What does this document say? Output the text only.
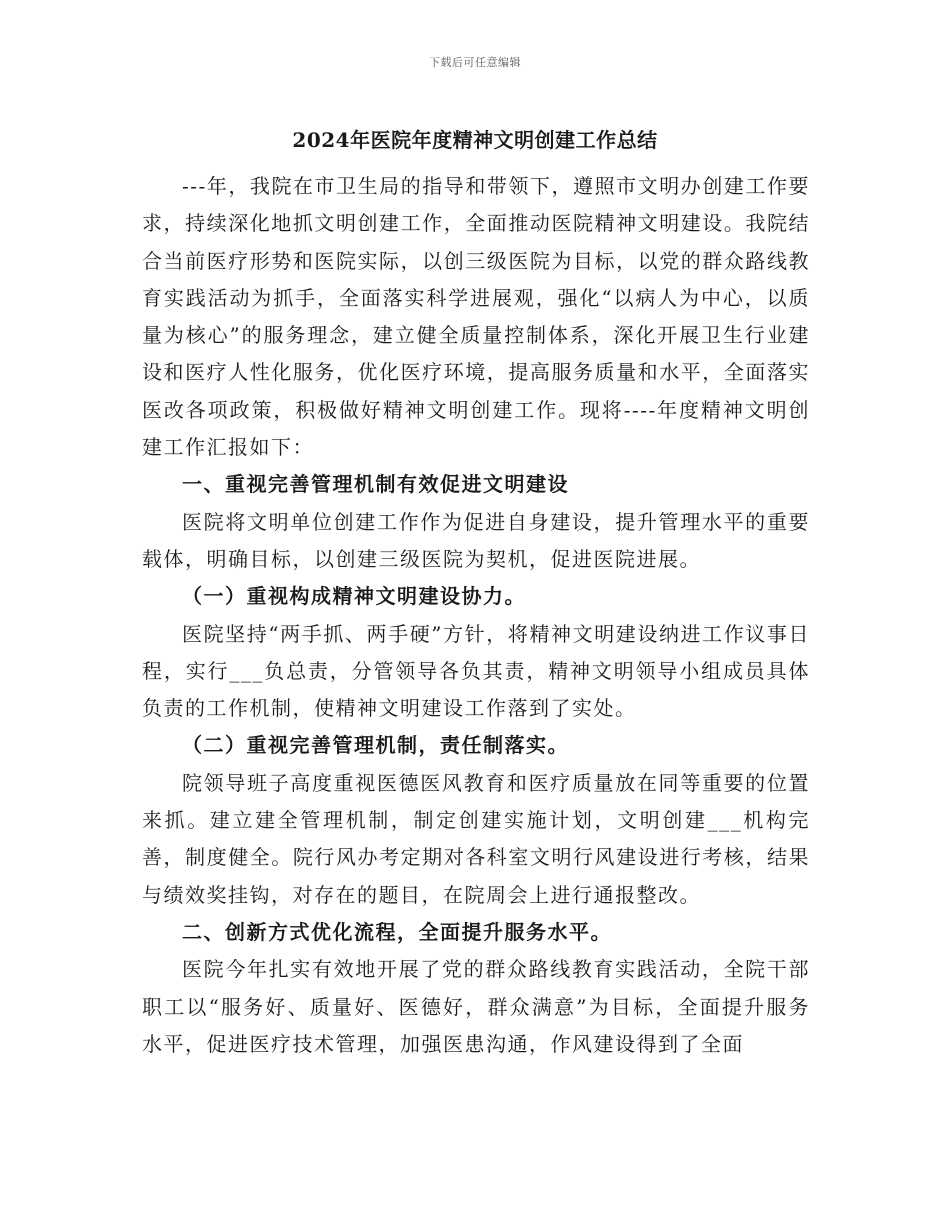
下载后可任意编辑
2024年医院年度精神文明创建工作总结

---年，我院在市卫生局的指导和带领下，遵照市文明办创建工作要求，持续深化地抓文明创建工作，全面推动医院精神文明建设。我院结合当前医疗形势和医院实际，以创三级医院为目标，以党的群众路线教育实践活动为抓手，全面落实科学进展观，强化“以病人为中心，以质量为核心”的服务理念，建立健全质量控制体系，深化开展卫生行业建设和医疗人性化服务，优化医疗环境，提高服务质量和水平，全面落实医改各项政策，积极做好精神文明创建工作。现将----年度精神文明创建工作汇报如下：

一、重视完善管理机制有效促进文明建设

医院将文明单位创建工作作为促进自身建设，提升管理水平的重要载体，明确目标，以创建三级医院为契机，促进医院进展。

（一）重视构成精神文明建设协力。

医院坚持“两手抓、两手硬”方针，将精神文明建设纳进工作议事日程，实行___负总责，分管领导各负其责，精神文明领导小组成员具体负责的工作机制，使精神文明建设工作落到了实处。

（二）重视完善管理机制，责任制落实。

院领导班子高度重视医德医风教育和医疗质量放在同等重要的位置来抓。建立建全管理机制，制定创建实施计划，文明创建___机构完善，制度健全。院行风办考定期对各科室文明行风建设进行考核，结果与绩效奖挂钩，对存在的题目，在院周会上进行通报整改。

二、创新方式优化流程，全面提升服务水平。

医院今年扎实有效地开展了党的群众路线教育实践活动，全院干部职工以“服务好、质量好、医德好，群众满意”为目标，全面提升服务水平，促进医疗技术管理，加强医患沟通，作风建设得到了全面
